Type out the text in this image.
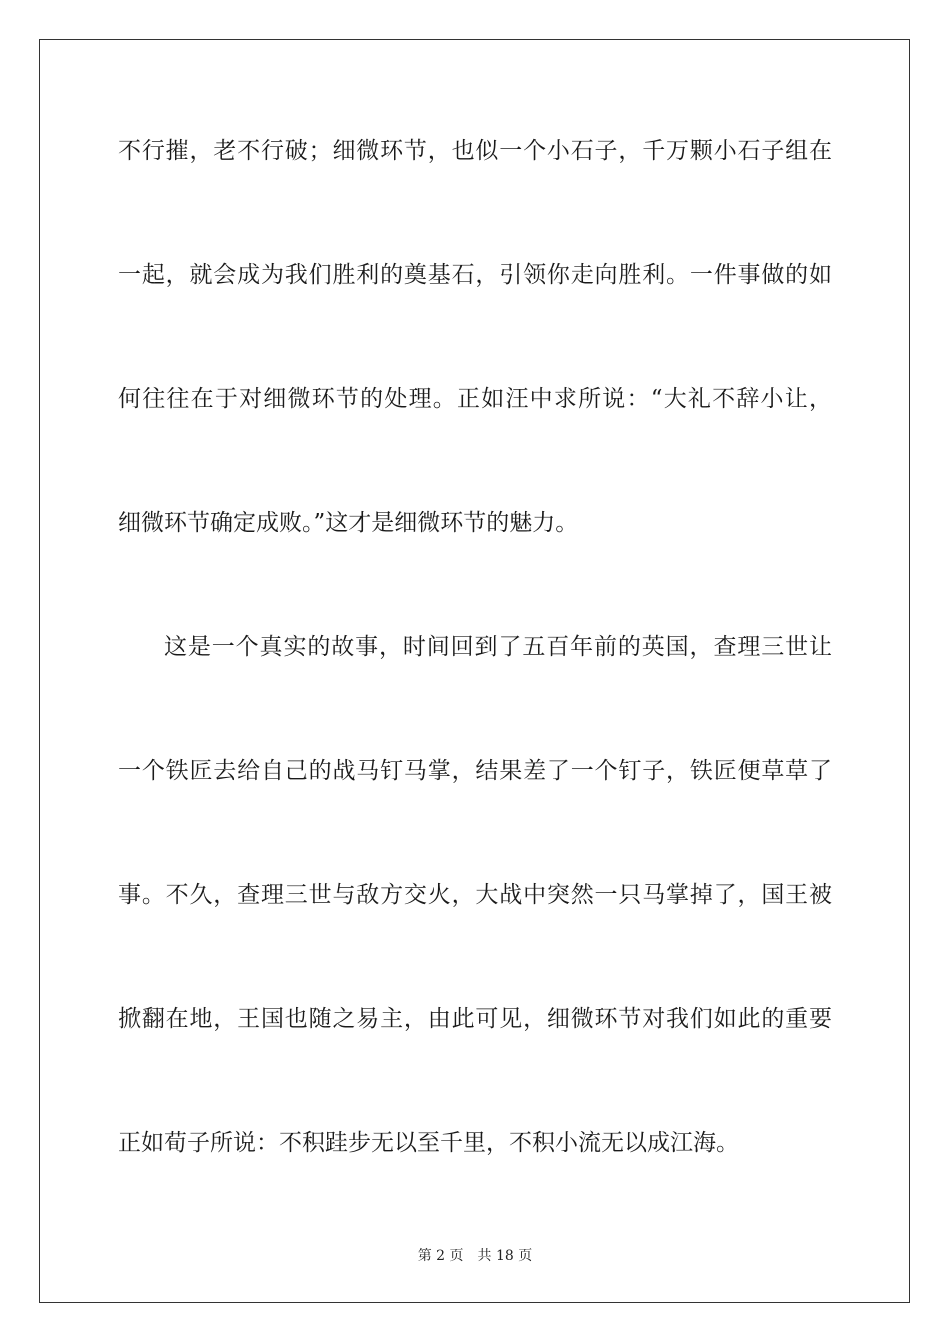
不行摧，老不行破；细微环节，也似一个小石子，千万颗小石子组在
一起，就会成为我们胜利的奠基石，引领你走向胜利。一件事做的如
何往往在于对细微环节的处理。正如汪中求所说：“大礼不辞小让，
细微环节确定成败。”这才是细微环节的魅力。
这是一个真实的故事，时间回到了五百年前的英国，查理三世让
一个铁匠去给自己的战马钉马掌，结果差了一个钉子，铁匠便草草了
事。不久，查理三世与敌方交火，大战中突然一只马掌掉了，国王被
掀翻在地，王国也随之易主，由此可见，细微环节对我们如此的重要
正如荀子所说：不积跬步无以至千里，不积小流无以成江海。
第 2 页 共 18 页
